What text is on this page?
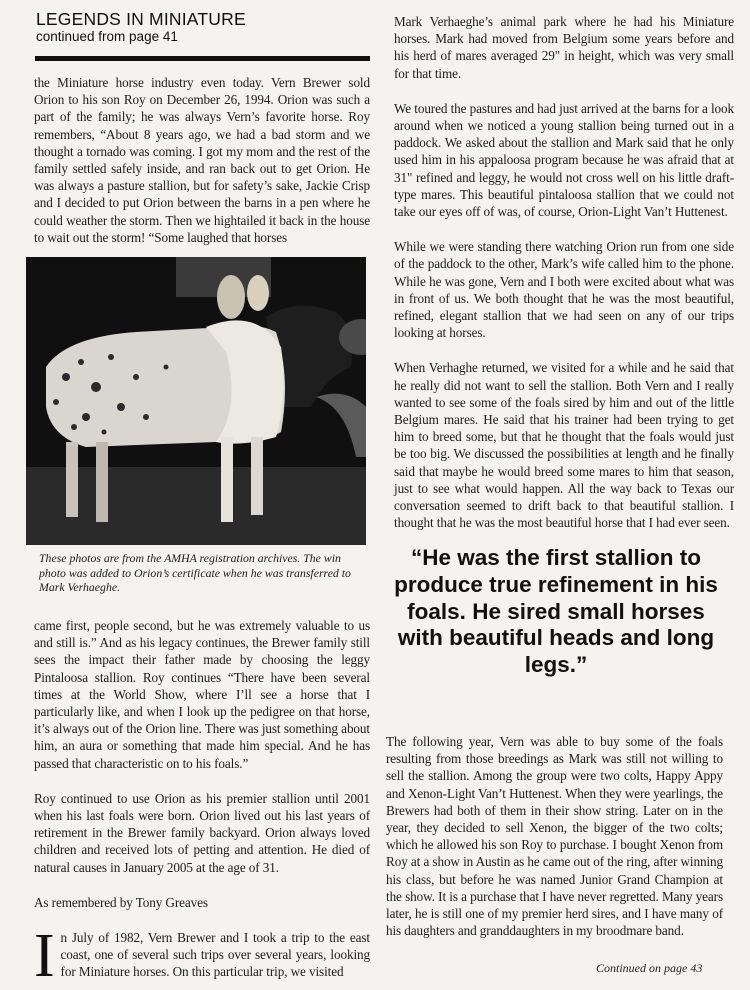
LEGENDS IN MINIATURE
continued from page 41

the Miniature horse industry even today. Vern Brewer sold Orion to his son Roy on December 26, 1994. Orion was such a part of the family; he was always Vern’s favorite horse. Roy remembers, “About 8 years ago, we had a bad storm and we thought a tornado was coming. I got my mom and the rest of the family settled safely inside, and ran back out to get Orion. He was always a pasture stallion, but for safety’s sake, Jackie Crisp and I decided to put Orion between the barns in a pen where he could weather the storm. Then we hightailed it back in the house to wait out the storm! “Some laughed that horses

These photos are from the AMHA registration archives. The win photo was added to Orion’s certificate when he was transferred to Mark Verhaeghe.

came first, people second, but he was extremely valuable to us and still is.” And as his legacy continues, the Brewer family still sees the impact their father made by choosing the leggy Pintaloosa stallion. Roy continues “There have been several times at the World Show, where I’ll see a horse that I particularly like, and when I look up the pedigree on that horse, it’s always out of the Orion line. There was just something about him, an aura or something that made him special. And he has passed that characteristic on to his foals.”

Roy continued to use Orion as his premier stallion until 2001 when his last foals were born. Orion lived out his last years of retirement in the Brewer family backyard. Orion always loved children and received lots of petting and attention. He died of natural causes in January 2005 at the age of 31.

As remembered by Tony Greaves

I n July of 1982, Vern Brewer and I took a trip to the east coast, one of several such trips over several years, looking for Miniature horses. On this particular trip, we visited

Mark Verhaeghe’s animal park where he had his Miniature horses. Mark had moved from Belgium some years before and his herd of mares averaged 29" in height, which was very small for that time.

We toured the pastures and had just arrived at the barns for a look around when we noticed a young stallion being turned out in a paddock. We asked about the stallion and Mark said that he only used him in his appaloosa program because he was afraid that at 31" refined and leggy, he would not cross well on his little draft-type mares. This beautiful pintaloosa stallion that we could not take our eyes off of was, of course, Orion-Light Van’t Huttenest.

While we were standing there watching Orion run from one side of the paddock to the other, Mark’s wife called him to the phone. While he was gone, Vern and I both were excited about what was in front of us. We both thought that he was the most beautiful, refined, elegant stallion that we had seen on any of our trips looking at horses.

When Verhaghe returned, we visited for a while and he said that he really did not want to sell the stallion. Both Vern and I really wanted to see some of the foals sired by him and out of the little Belgium mares. He said that his trainer had been trying to get him to breed some, but that he thought that the foals would just be too big. We discussed the possibilities at length and he finally said that maybe he would breed some mares to him that season, just to see what would happen. All the way back to Texas our conversation seemed to drift back to that beautiful stallion. I thought that he was the most beautiful horse that I had ever seen.

“He was the first stallion to produce true refinement in his foals. He sired small horses with beautiful heads and long legs.”

The following year, Vern was able to buy some of the foals resulting from those breedings as Mark was still not willing to sell the stallion. Among the group were two colts, Happy Appy and Xenon-Light Van’t Huttenest. When they were yearlings, the Brewers had both of them in their show string. Later on in the year, they decided to sell Xenon, the bigger of the two colts; which he allowed his son Roy to purchase. I bought Xenon from Roy at a show in Austin as he came out of the ring, after winning his class, but before he was named Junior Grand Champion at the show. It is a purchase that I have never regretted. Many years later, he is still one of my premier herd sires, and I have many of his daughters and granddaughters in my broodmare band.

Continued on page 43
